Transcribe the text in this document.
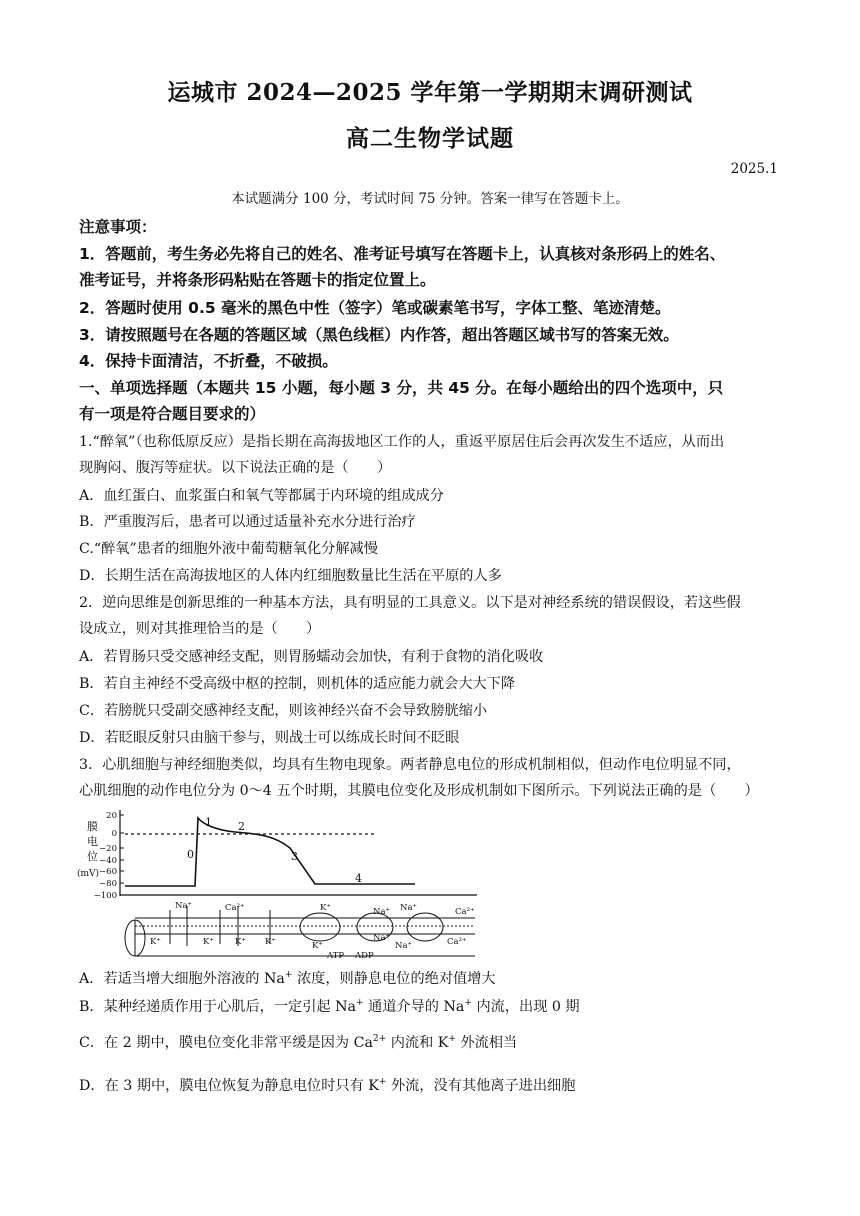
运城市 2024—2025 学年第一学期期末调研测试
高二生物学试题
2025.1
本试题满分 100 分，考试时间 75 分钟。答案一律写在答题卡上。
注意事项：
1．答题前，考生务必先将自己的姓名、准考证号填写在答题卡上，认真核对条形码上的姓名、
准考证号，并将条形码粘贴在答题卡的指定位置上。
2．答题时使用 0.5 毫米的黑色中性（签字）笔或碳素笔书写，字体工整、笔迹清楚。
3．请按照题号在各题的答题区域（黑色线框）内作答，超出答题区域书写的答案无效。
4．保持卡面清洁，不折叠，不破损。
一、单项选择题（本题共 15 小题，每小题 3 分，共 45 分。在每小题给出的四个选项中，只
有一项是符合题目要求的）
1.“醉氧”（也称低原反应）是指长期在高海拔地区工作的人，重返平原居住后会再次发生不适应，从而出
现胸闷、腹泻等症状。以下说法正确的是（　　）
A．血红蛋白、血浆蛋白和氧气等都属于内环境的组成成分
B．严重腹泻后，患者可以通过适量补充水分进行治疗
C.“醉氧”患者的细胞外液中葡萄糖氧化分解减慢
D．长期生活在高海拔地区的人体内红细胞数量比生活在平原的人多
2．逆向思维是创新思维的一种基本方法，具有明显的工具意义。以下是对神经系统的错误假设，若这些假
设成立，则对其推理恰当的是（　　）
A．若胃肠只受交感神经支配，则胃肠蠕动会加快，有利于食物的消化吸收
B．若自主神经不受高级中枢的控制，则机体的适应能力就会大大下降
C．若膀胱只受副交感神经支配，则该神经兴奋不会导致膀胱缩小
D．若眨眼反射只由脑干参与，则战士可以练成长时间不眨眼
3．心肌细胞与神经细胞类似，均具有生物电现象。两者静息电位的形成机制相似，但动作电位明显不同，
心肌细胞的动作电位分为 0～4 五个时期，其膜电位变化及形成机制如下图所示。下列说法正确的是（　　）
膜
电
位
(mV)
20
0
−20
−40
−60
−80
−100
0
1 2
3
4
Na⁺	Ca²⁺	K⁺	Na⁺ Na⁺	Ca²⁺
K⁺	K⁺ K⁺ K⁺	K⁺
Na⁺
Na⁺	Ca²⁺
ATP ADP
A．若适当增大细胞外溶液的 Na+ 浓度，则静息电位的绝对值增大
B．某种经递质作用于心肌后，一定引起 Na+ 通道介导的 Na+ 内流，出现 0 期
C．在 2 期中，膜电位变化非常平缓是因为 $Ca^{2+}$ 内流和 K+ 外流相当
D．在 3 期中，膜电位恢复为静息电位时只有 K+ 外流，没有其他离子进出细胞
